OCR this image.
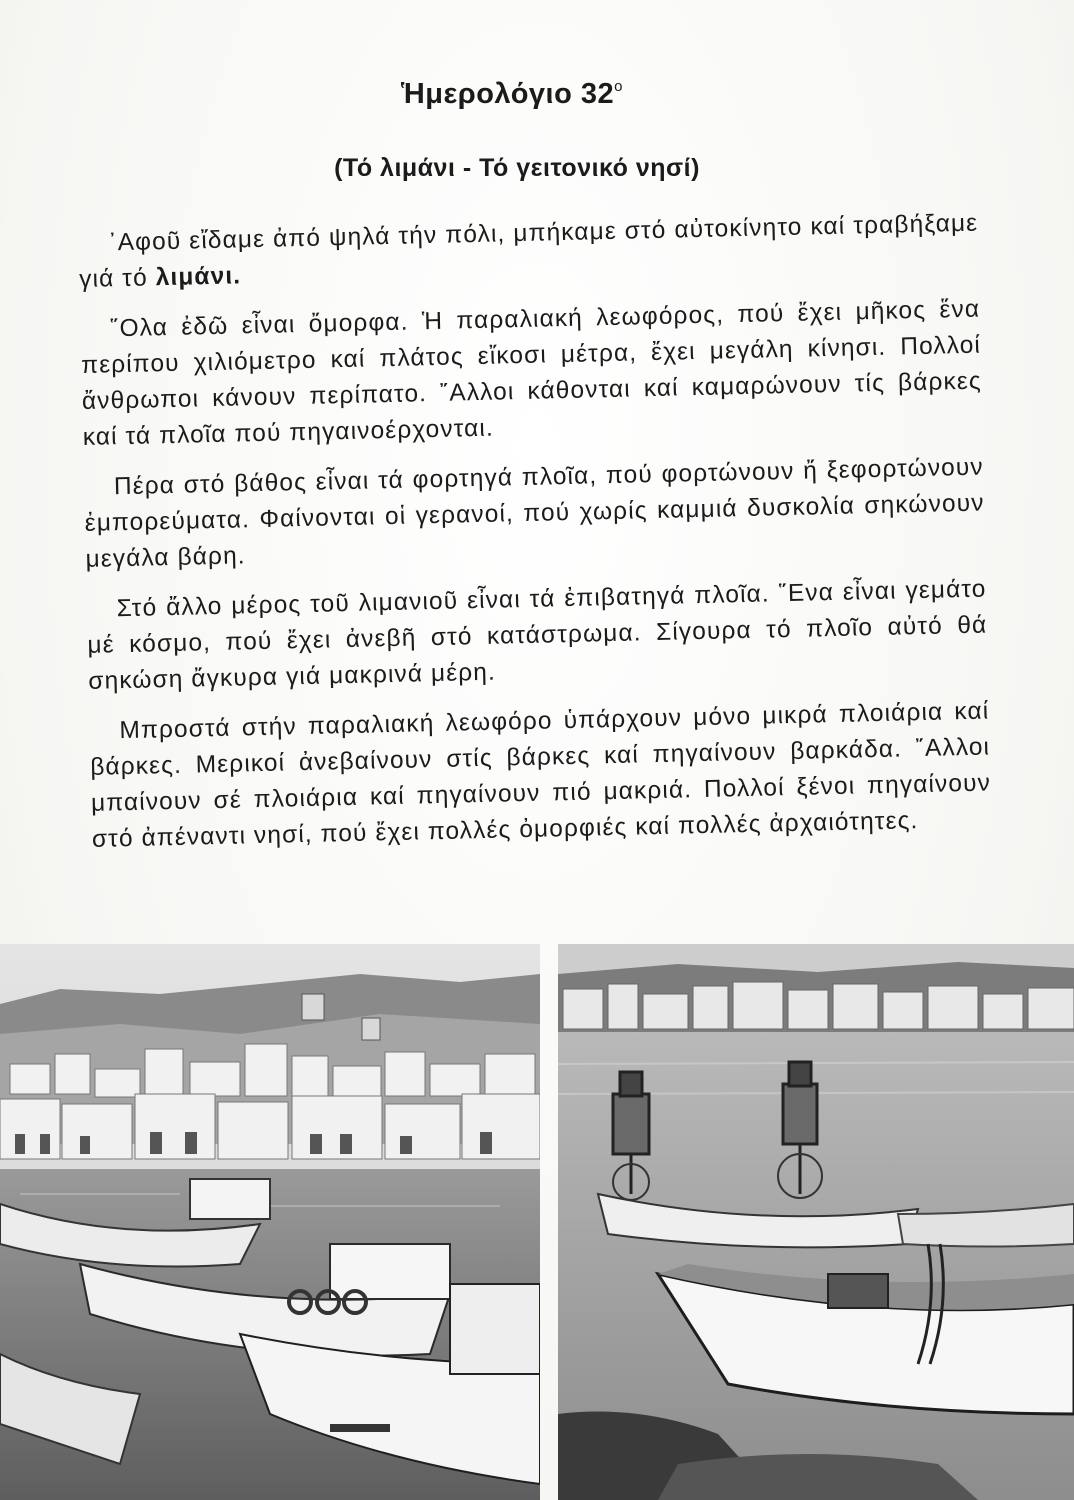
Ἡμερολόγιο $32^o$
(Τό λιμάνι - Τό γειτονικό νησί)

᾿Αφοῦ εἴδαμε ἀπό ψηλά τήν πόλι, μπήκαμε στό αὐτοκίνητο καί τραβήξαμε γιά τό λιμάνι.

῞Ολα ἐδῶ εἶναι ὄμορφα. Ἡ παραλιακή λεωφόρος, πού ἔχει μῆκος ἕνα περίπου χιλιόμετρο καί πλάτος εἴκοσι μέτρα, ἔχει μεγάλη κίνησι. Πολλοί ἄνθρωποι κάνουν περίπατο. ῎Αλλοι κάθονται καί καμαρώνουν τίς βάρκες καί τά πλοῖα πού πηγαινοέρχονται.

Πέρα στό βάθος εἶναι τά φορτηγά πλοῖα, πού φορτώνουν ἤ ξεφορτώνουν ἐμπορεύματα. Φαίνονται οἱ γερανοί, πού χωρίς καμμιά δυσκολία σηκώνουν μεγάλα βάρη.

Στό ἄλλο μέρος τοῦ λιμανιοῦ εἶναι τά ἐπιβατηγά πλοῖα. ῞Ενα εἶναι γεμάτο μέ κόσμο, πού ἔχει ἀνεβῆ στό κατάστρωμα. Σίγουρα τό πλοῖο αὐτό θά σηκώση ἄγκυρα γιά μακρινά μέρη.

Μπροστά στήν παραλιακή λεωφόρο ὑπάρχουν μόνο μικρά πλοιάρια καί βάρκες. Μερικοί ἀνεβαίνουν στίς βάρκες καί πηγαίνουν βαρκάδα. ῎Αλλοι μπαίνουν σέ πλοιάρια καί πηγαίνουν πιό μακριά. Πολλοί ξένοι πηγαίνουν στό ἀπέναντι νησί, πού ἔχει πολλές ὀμορφιές καί πολλές ἀρχαιότητες.
